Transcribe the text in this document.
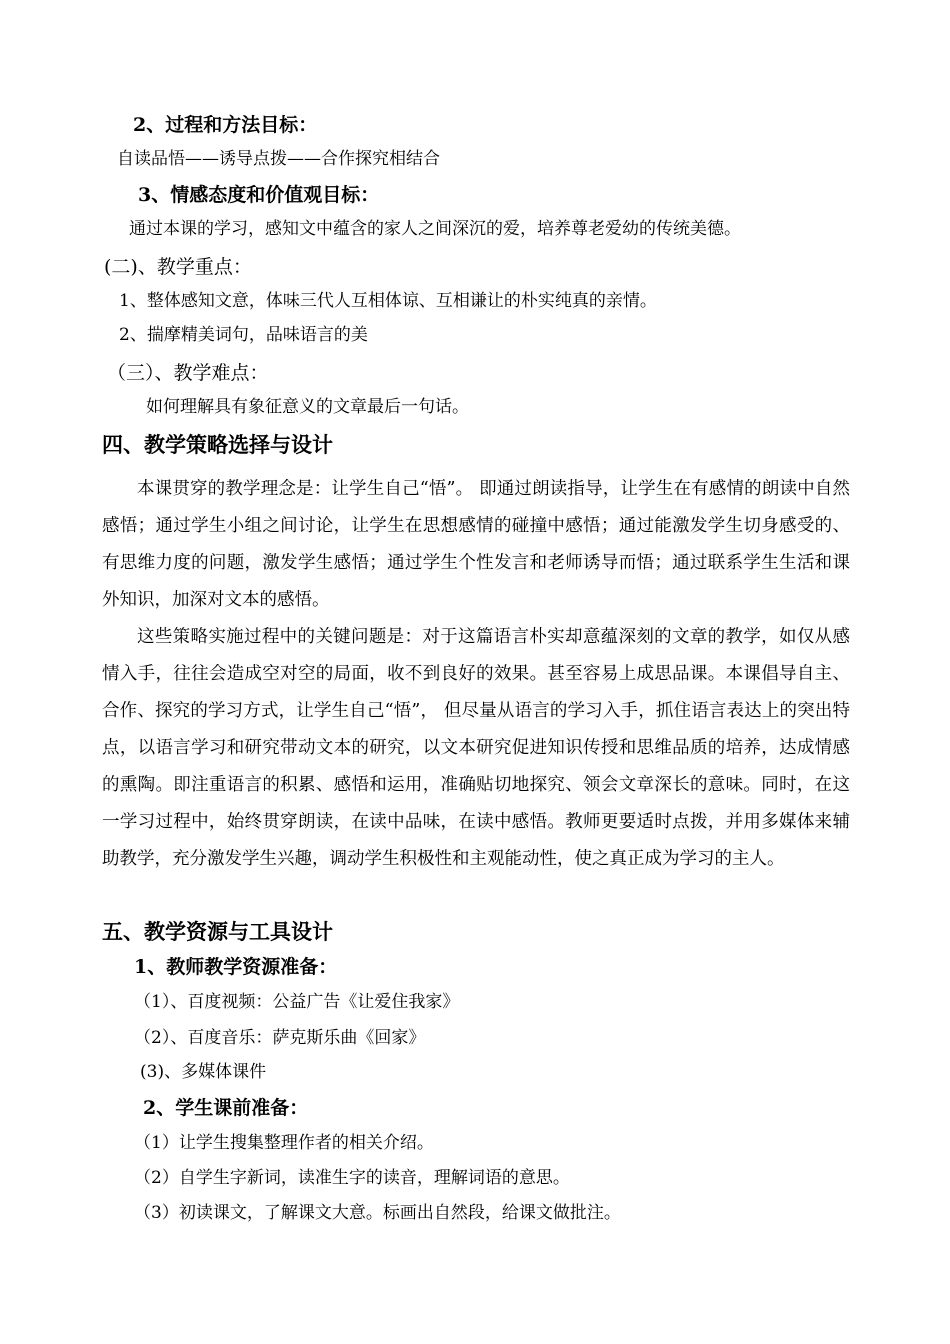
2、过程和方法目标：
自读品悟——诱导点拨——合作探究相结合
3、情感态度和价值观目标：
通过本课的学习，感知文中蕴含的家人之间深沉的爱，培养尊老爱幼的传统美德。
(二)、教学重点：
1、整体感知文意，体味三代人互相体谅、互相谦让的朴实纯真的亲情。
2、揣摩精美词句，品味语言的美
（三）、教学难点：
如何理解具有象征意义的文章最后一句话。
四、教学策略选择与设计

本课贯穿的教学理念是：让学生自己“悟”。 即通过朗读指导，让学生在有感情的朗读中自然感悟；通过学生小组之间讨论，让学生在思想感情的碰撞中感悟；通过能激发学生切身感受的、有思维力度的问题，激发学生感悟；通过学生个性发言和老师诱导而悟；通过联系学生生活和课外知识，加深对文本的感悟。

这些策略实施过程中的关键问题是：对于这篇语言朴实却意蕴深刻的文章的教学，如仅从感情入手，往往会造成空对空的局面，收不到良好的效果。甚至容易上成思品课。本课倡导自主、合作、探究的学习方式，让学生自己“悟”， 但尽量从语言的学习入手，抓住语言表达上的突出特点，以语言学习和研究带动文本的研究，以文本研究促进知识传授和思维品质的培养，达成情感的熏陶。即注重语言的积累、感悟和运用，准确贴切地探究、领会文章深长的意味。同时，在这一学习过程中，始终贯穿朗读，在读中品味，在读中感悟。教师更要适时点拨，并用多媒体来辅助教学，充分激发学生兴趣，调动学生积极性和主观能动性，使之真正成为学习的主人。

五、教学资源与工具设计
1、教师教学资源准备：
（1）、百度视频：公益广告《让爱住我家》
（2）、百度音乐：萨克斯乐曲《回家》
(3)、多媒体课件
2、学生课前准备：
（1）让学生搜集整理作者的相关介绍。
（2）自学生字新词，读准生字的读音，理解词语的意思。
（3）初读课文，了解课文大意。标画出自然段，给课文做批注。
